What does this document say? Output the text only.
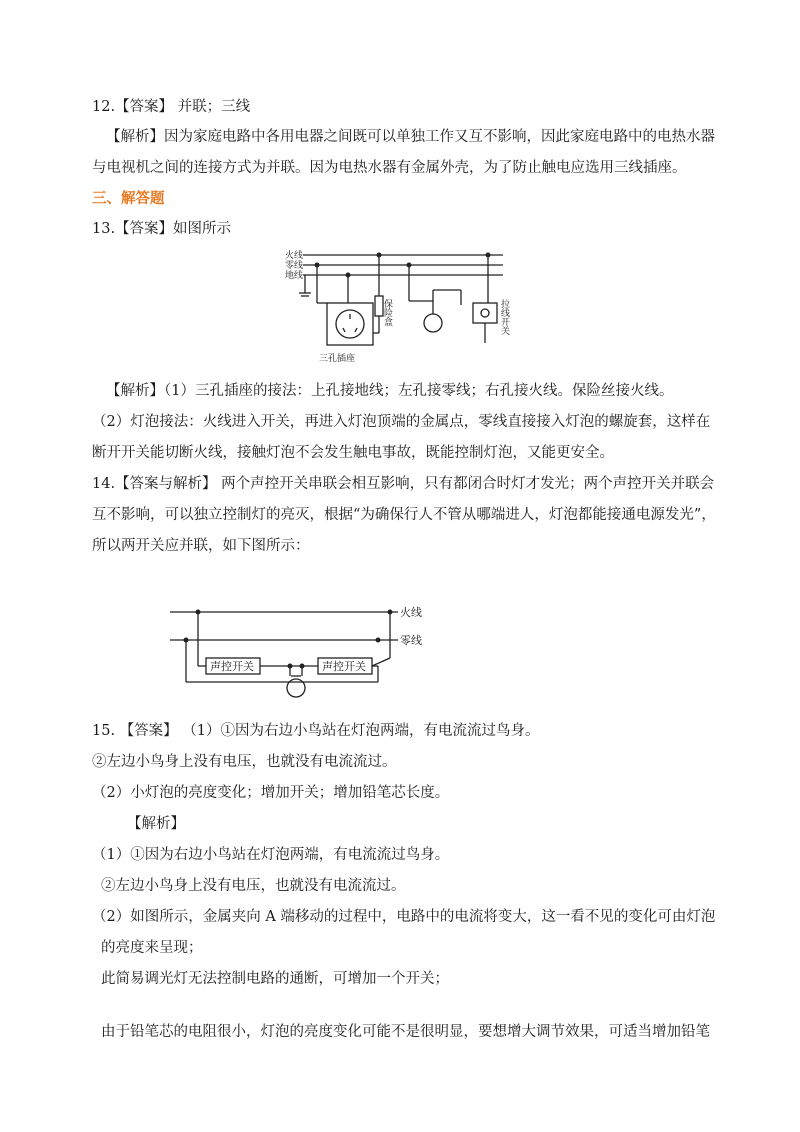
12.【答案】 并联；三线
【解析】因为家庭电路中各用电器之间既可以单独工作又互不影响，因此家庭电路中的电热水器
与电视机之间的连接方式为并联。因为电热水器有金属外壳，为了防止触电应选用三线插座。
三、解答题
13.【答案】如图所示
火线
零线
地线
三孔插座
保险盒	拉线开关
【解析】（1）三孔插座的接法：上孔接地线；左孔接零线；右孔接火线。保险丝接火线。
（2）灯泡接法：火线进入开关，再进入灯泡顶端的金属点，零线直接接入灯泡的螺旋套，这样在
断开开关能切断火线，接触灯泡不会发生触电事故，既能控制灯泡，又能更安全。
14.【答案与解析】 两个声控开关串联会相互影响，只有都闭合时灯才发光；两个声控开关并联会
互不影响，可以独立控制灯的亮灭，根据“为确保行人不管从哪端进人，灯泡都能接通电源发光”，
所以两开关应并联，如下图所示：
火线
零线
声控开关	声控开关
15. 【答案】 （1）①因为右边小鸟站在灯泡两端，有电流流过鸟身。
②左边小鸟身上没有电压，也就没有电流流过。
（2）小灯泡的亮度变化；增加开关；增加铅笔芯长度。
【解析】
（1）①因为右边小鸟站在灯泡两端，有电流流过鸟身。
②左边小鸟身上没有电压，也就没有电流流过。
（2）如图所示，金属夹向 A 端移动的过程中，电路中的电流将变大，这一看不见的变化可由灯泡
的亮度来呈现；
此简易调光灯无法控制电路的通断，可增加一个开关；
由于铅笔芯的电阻很小，灯泡的亮度变化可能不是很明显，要想增大调节效果，可适当增加铅笔
